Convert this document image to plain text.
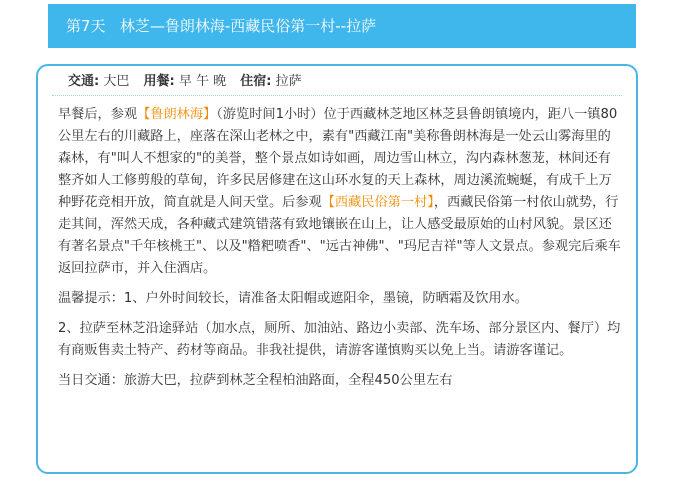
第7天 林芝—鲁朗林海-西藏民俗第一村--拉萨
交通: 大巴 用餐: 早 午 晚 住宿: 拉萨

早餐后，参观【鲁朗林海】（游览时间1小时）位于西藏林芝地区林芝县鲁朗镇境内，距八一镇80公里左右的川藏路上，座落在深山老林之中，素有"西藏江南"美称鲁朗林海是一处云山雾海里的森林，有"叫人不想家的"的美誉，整个景点如诗如画，周边雪山林立，沟内森林葱茏，林间还有整齐如人工修剪般的草甸，许多民居修建在这山环水复的天上森林，周边溪流蜿蜒，有成千上万种野花竞相开放，简直就是人间天堂。后参观【西藏民俗第一村】，西藏民俗第一村依山就势，行走其间，浑然天成，各种藏式建筑错落有致地镶嵌在山上，让人感受最原始的山村风貌。景区还有著名景点"千年核桃王"、以及"糌粑喷香"、"远古神佛"、"玛尼吉祥"等人文景点。参观完后乘车返回拉萨市，并入住酒店。

温馨提示：1、户外时间较长，请准备太阳帽或遮阳伞，墨镜，防晒霜及饮用水。

2、拉萨至林芝沿途驿站（加水点，厕所、加油站、路边小卖部、洗车场、部分景区内、餐厅）均有商贩售卖土特产、药材等商品。非我社提供，请游客谨慎购买以免上当。请游客谨记。

当日交通：旅游大巴，拉萨到林芝全程柏油路面，全程450公里左右
